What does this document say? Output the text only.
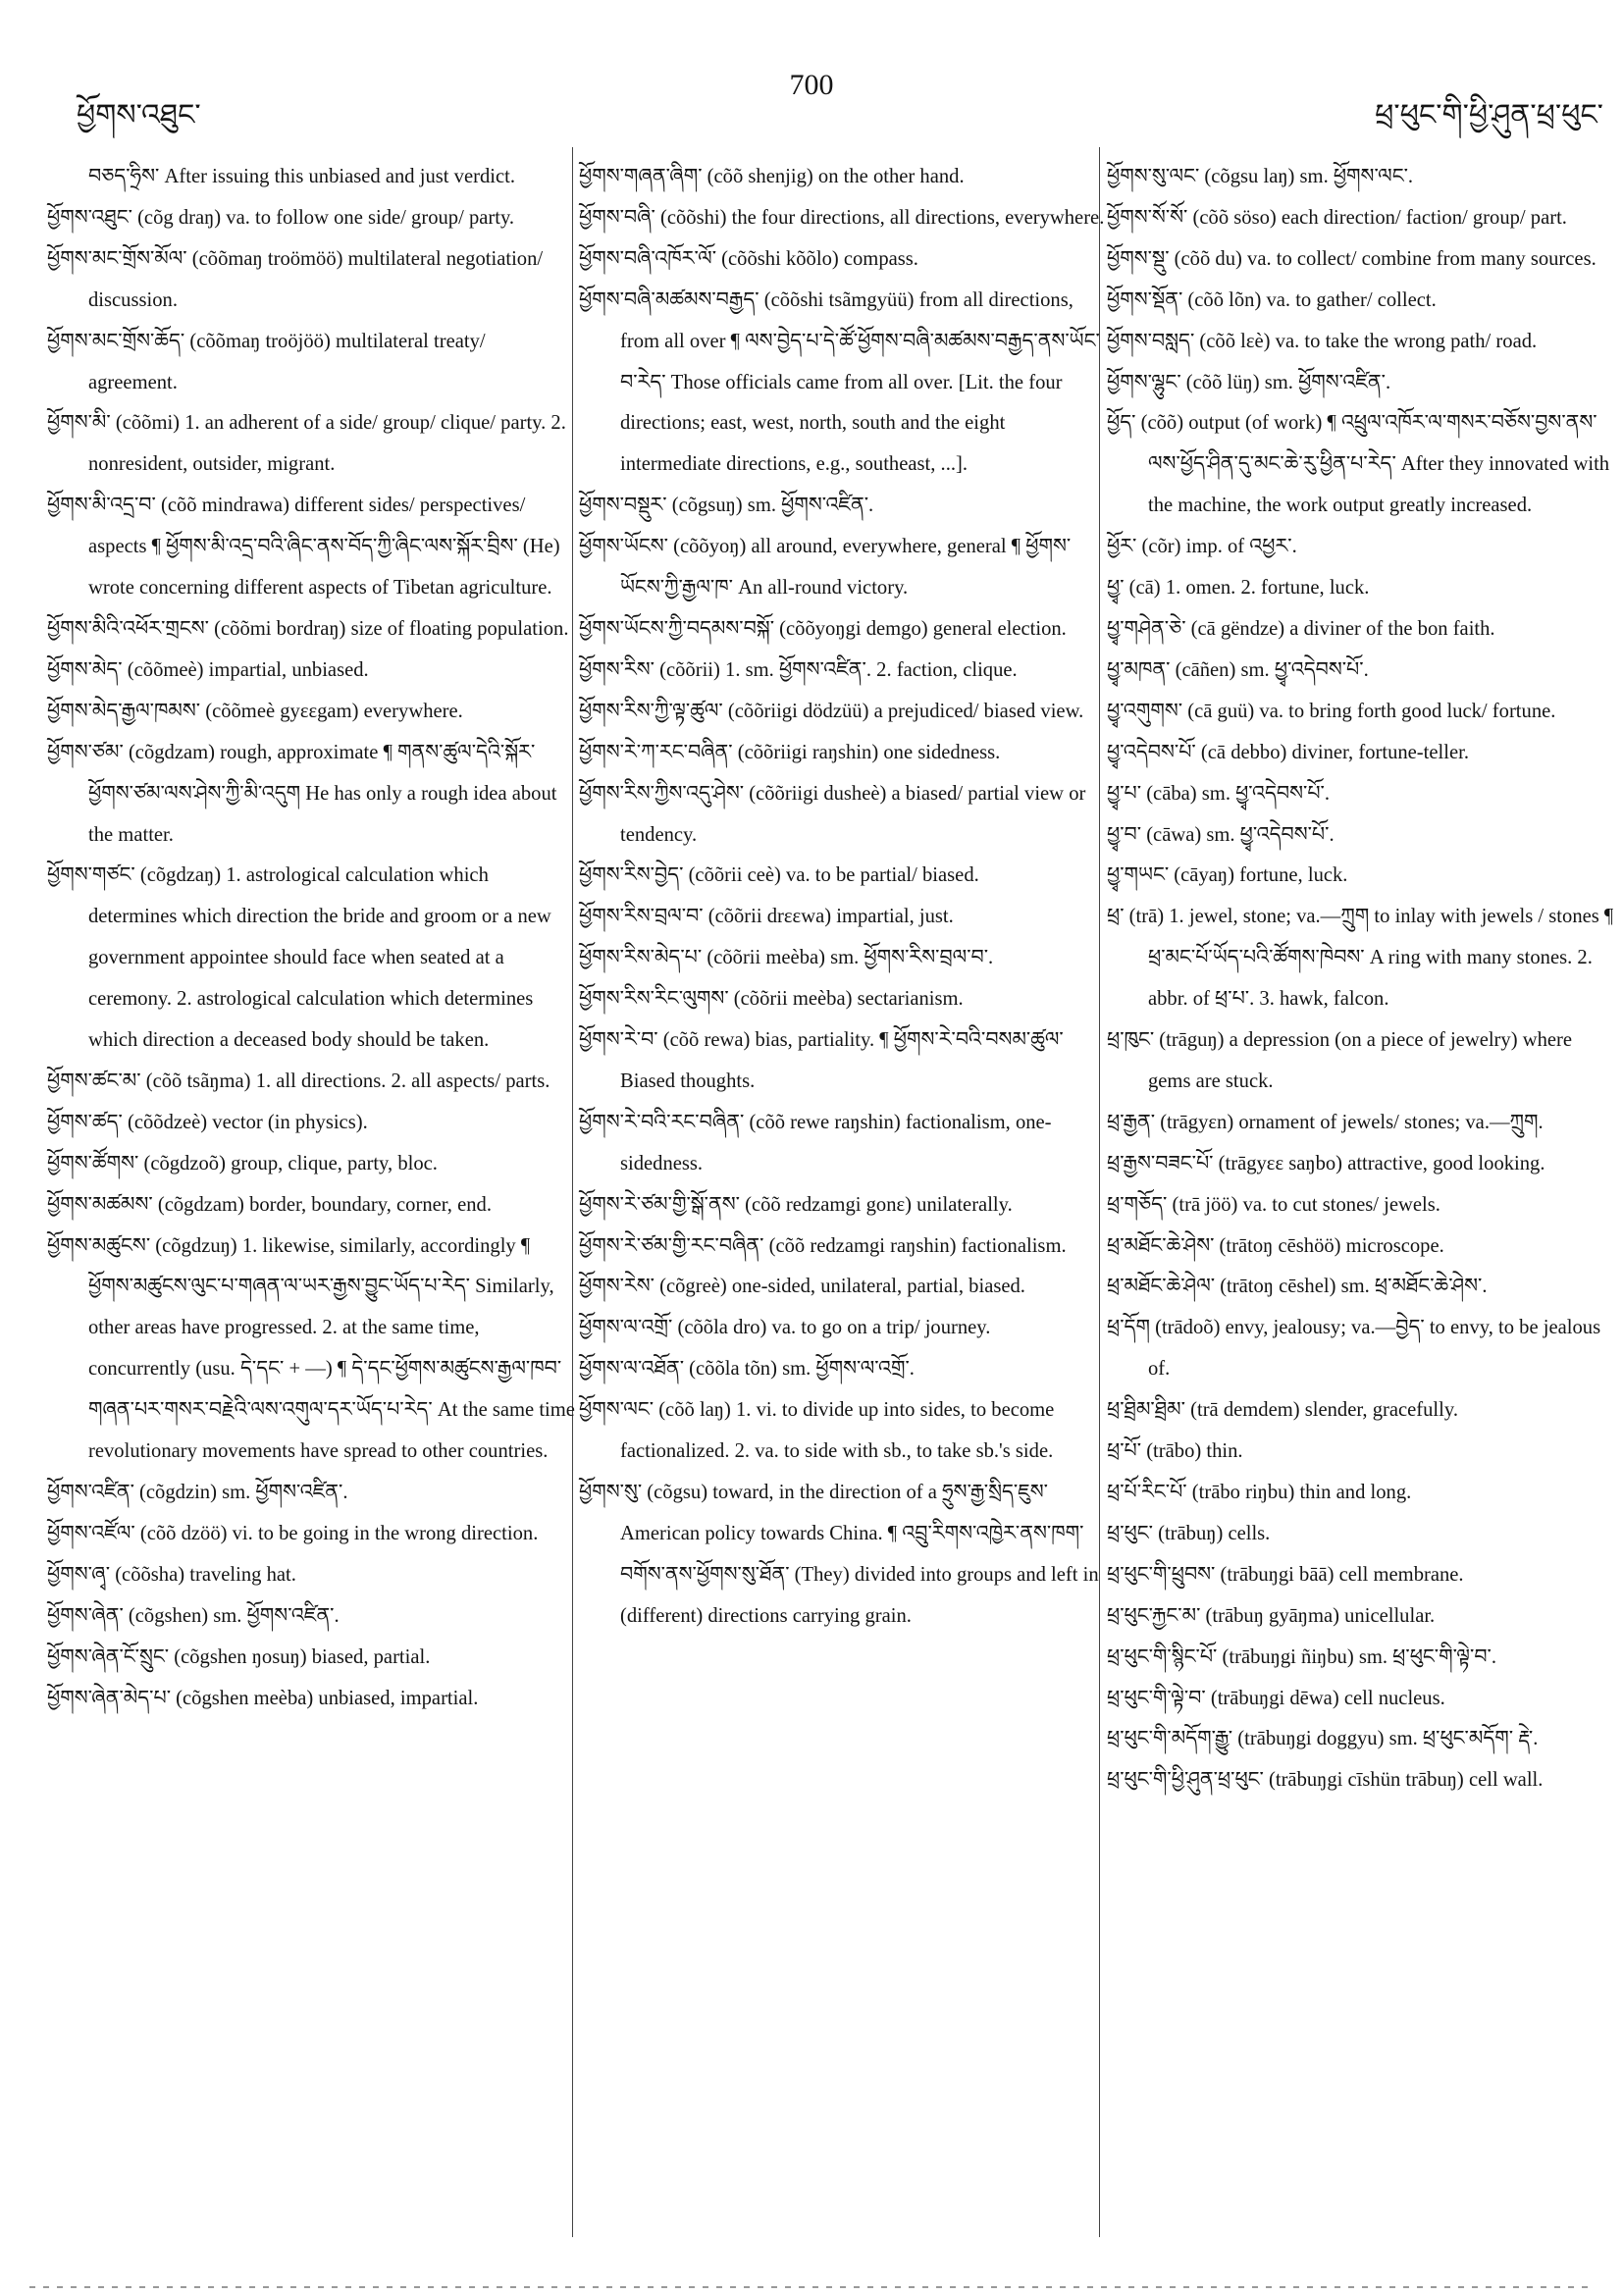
ཕྱོགས་འཐུང་
700
ཕྲ་ཕུང་གི་ཕྱི་ཤུན་ཕྲ་ཕུང་

བཅད་ཧྲིས་ After issuing this unbiased and just verdict.

ཕྱོགས་འཐུང་ (cõg draŋ) va. to follow one side/ group/ party.

ཕྱོགས་མང་གྲོས་མོལ་ (cõõmaŋ troömöö) multilateral negotiation/ discussion.

ཕྱོགས་མང་གྲོས་ཆོད་ (cõõmaŋ troöjöö) multilateral treaty/ agreement.

ཕྱོགས་མི་ (cõõmi) 1. an adherent of a side/ group/ clique/ party. 2. nonresident, outsider, migrant.

ཕྱོགས་མི་འདྲ་བ་ (cõõ mindrawa) different sides/ perspectives/ aspects ¶ ཕྱོགས་མི་འདྲ་བའི་ཞིང་ནས་བོད་ཀྱི་ཞིང་ལས་སྐོར་བྲིས་ (He) wrote concerning different aspects of Tibetan agriculture.

ཕྱོགས་མིའི་འཕོར་གྲངས་ (cõõmi bordraŋ) size of floating population.

ཕྱོགས་མེད་ (cõõmeè) impartial, unbiased.

ཕྱོགས་མེད་རྒྱལ་ཁམས་ (cõõmeè gyɛɛgam) everywhere.

ཕྱོགས་ཙམ་ (cõgdzam) rough, approximate ¶ གནས་ཚུལ་དེའི་སྐོར་ཕྱོགས་ཙམ་ལས་ཤེས་ཀྱི་མི་འདུག He has only a rough idea about the matter.

ཕྱོགས་གཙང་ (cõgdzaŋ) 1. astrological calculation which determines which direction the bride and groom or a new government appointee should face when seated at a ceremony. 2. astrological calculation which determines which direction a deceased body should be taken.

ཕྱོགས་ཚང་མ་ (cõõ tsãŋma) 1. all directions. 2. all aspects/ parts.

ཕྱོགས་ཚད་ (cõõdzeè) vector (in physics).

ཕྱོགས་ཚོགས་ (cõgdzoõ) group, clique, party, bloc.

ཕྱོགས་མཚམས་ (cõgdzam) border, boundary, corner, end.

ཕྱོགས་མཚུངས་ (cõgdzuŋ) 1. likewise, similarly, accordingly ¶ ཕྱོགས་མཚུངས་ལུང་པ་གཞན་ལ་ཡར་རྒྱས་བྱུང་ཡོད་པ་རེད་ Similarly, other areas have progressed. 2. at the same time, concurrently (usu. དེ་དང་ + —) ¶ དེ་དང་ཕྱོགས་མཚུངས་རྒྱལ་ཁབ་གཞན་པར་གསར་བརྗེའི་ལས་འགུལ་དར་ཡོད་པ་རེད་ At the same time revolutionary movements have spread to other countries.

ཕྱོགས་འཛིན་ (cõgdzin) sm. ཕྱོགས་འཛིན་.

ཕྱོགས་འཛོལ་ (cõõ dzöö) vi. to be going in the wrong direction.

ཕྱོགས་ཞྭ་ (cõõsha) traveling hat.

ཕྱོགས་ཞེན་ (cõgshen) sm. ཕྱོགས་འཛིན་.

ཕྱོགས་ཞེན་ངོ་སྲུང་ (cõgshen ŋosuŋ) biased, partial.

ཕྱོགས་ཞེན་མེད་པ་ (cõgshen meèba) unbiased, impartial.

ཕྱོགས་གཞན་ཞིག་ (cõõ shenjig) on the other hand.

ཕྱོགས་བཞི་ (cõõshi) the four directions, all directions, everywhere.

ཕྱོགས་བཞི་འཁོར་ལོ་ (cõõshi kõõlo) compass.

ཕྱོགས་བཞི་མཚམས་བརྒྱད་ (cõõshi tsãmgyüü) from all directions, from all over ¶ ལས་བྱེད་པ་དེ་ཚོ་ཕྱོགས་བཞི་མཚམས་བརྒྱད་ནས་ཡོང་བ་རེད་ Those officials came from all over. [Lit. the four directions; east, west, north, south and the eight intermediate directions, e.g., southeast, ...].

ཕྱོགས་བསྡུར་ (cõgsuŋ) sm. ཕྱོགས་འཛིན་.

ཕྱོགས་ཡོངས་ (cõõyoŋ) all around, everywhere, general ¶ ཕྱོགས་ཡོངས་ཀྱི་རྒྱལ་ཁ་ An all-round victory.

ཕྱོགས་ཡོངས་ཀྱི་བདམས་བསྐོ་ (cõõyoŋgi demgo) general election.

ཕྱོགས་རིས་ (cõõrii) 1. sm. ཕྱོགས་འཛིན་. 2. faction, clique.

ཕྱོགས་རིས་ཀྱི་ལྟ་ཚུལ་ (cõõriigi dödzüü) a prejudiced/ biased view.

ཕྱོགས་རེ་ཀ་རང་བཞིན་ (cõõriigi raŋshin) one sidedness.

ཕྱོགས་རིས་ཀྱིས་འདུ་ཤེས་ (cõõriigi dusheè) a biased/ partial view or tendency.

ཕྱོགས་རིས་བྱེད་ (cõõrii ceè) va. to be partial/ biased.

ཕྱོགས་རིས་བྲལ་བ་ (cõõrii drɛɛwa) impartial, just.

ཕྱོགས་རིས་མེད་པ་ (cõõrii meèba) sm. ཕྱོགས་རིས་བྲལ་བ་.

ཕྱོགས་རིས་རིང་ལུགས་ (cõõrii meèba) sectarianism.

ཕྱོགས་རེ་བ་ (cõõ rewa) bias, partiality. ¶ ཕྱོགས་རེ་བའི་བསམ་ཚུལ་ Biased thoughts.

ཕྱོགས་རེ་བའི་རང་བཞིན་ (cõõ rewe raŋshin) factionalism, one-sidedness.

ཕྱོགས་རེ་ཙམ་གྱི་སྒོ་ནས་ (cõõ redzamgi gonɛ) unilaterally.

ཕྱོགས་རེ་ཙམ་གྱི་རང་བཞིན་ (cõõ redzamgi raŋshin) factionalism.

ཕྱོགས་རེས་ (cõgreè) one-sided, unilateral, partial, biased.

ཕྱོགས་ལ་འགྲོ་ (cõõla dro) va. to go on a trip/ journey.

ཕྱོགས་ལ་འཐོན་ (cõõla tõn) sm. ཕྱོགས་ལ་འགྲོ་.

ཕྱོགས་ལང་ (cõõ laŋ) 1. vi. to divide up into sides, to become factionalized. 2. va. to side with sb., to take sb.'s side.

ཕྱོགས་སུ་ (cõgsu) toward, in the direction of a ཧྲུས་རྒྱ་སྲིད་ཇུས་ American policy towards China. ¶ འབྲུ་རིགས་འཁྱེར་ནས་ཁག་བགོས་ནས་ཕྱོགས་སུ་ཐོན་ (They) divided into groups and left in (different) directions carrying grain.

ཕྱོགས་སུ་ལང་ (cõgsu laŋ) sm. ཕྱོགས་ལང་.

ཕྱོགས་སོ་སོ་ (cõõ söso) each direction/ faction/ group/ part.

ཕྱོགས་སྡུ་ (cõõ du) va. to collect/ combine from many sources.

ཕྱོགས་སྡོན་ (cõõ lõn) va. to gather/ collect.

ཕྱོགས་བསླད་ (cõõ lɛè) va. to take the wrong path/ road.

ཕྱོགས་ལྷུང་ (cõõ lüŋ) sm. ཕྱོགས་འཛིན་.

ཕྱོད་ (cõõ) output (of work) ¶ འཕྲུལ་འཁོར་ལ་གསར་བཅོས་བྱས་ནས་ལས་ཕྱོད་ཤིན་དུ་མང་ཆེ་རུ་ཕྱིན་པ་རེད་ After they innovated with the machine, the work output greatly increased.

ཕྱོར་ (cõr) imp. of འཕྱར་.

ཕྱྭ་ (cā) 1. omen. 2. fortune, luck.

ཕྱྭ་གཤེན་ཅེ་ (cā gëndze) a diviner of the bon faith.

ཕྱྭ་མཁན་ (cāñen) sm. ཕྱྭ་འདེབས་པོ་.

ཕྱྭ་འགུགས་ (cā guü) va. to bring forth good luck/ fortune.

ཕྱྭ་འདེབས་པོ་ (cā debbo) diviner, fortune-teller.

ཕྱྭ་པ་ (cāba) sm. ཕྱྭ་འདེབས་པོ་.

ཕྱྭ་བ་ (cāwa) sm. ཕྱྭ་འདེབས་པོ་.

ཕྱྭ་གཡང་ (cāyaŋ) fortune, luck.

ཕྲ་ (trā) 1. jewel, stone; va.—ཀྲུག to inlay with jewels / stones ¶ ཕྲ་མང་པོ་ཡོད་པའི་ཚོགས་ཁེབས་ A ring with many stones. 2. abbr. of ཕྲ་པ་. 3. hawk, falcon.

ཕྲ་ཁུང་ (trāguŋ) a depression (on a piece of jewelry) where gems are stuck.

ཕྲ་རྒྱན་ (trāgyɛn) ornament of jewels/ stones; va.—ཀྲུག.

ཕྲ་རྒྱས་བཟང་པོ་ (trāgyɛɛ saŋbo) attractive, good looking.

ཕྲ་གཅོད་ (trā jöö) va. to cut stones/ jewels.

ཕྲ་མཐོང་ཆེ་ཤེས་ (trātoŋ cēshöö) microscope.

ཕྲ་མཐོང་ཆེ་ཤེལ་ (trātoŋ cēshel) sm. ཕྲ་མཐོང་ཆེ་ཤེས་.

ཕྲ་དོག (trādoõ) envy, jealousy; va.—བྱེད་ to envy, to be jealous of.

ཕྲ་ཐྲིམ་ཐྲིམ་ (trā demdem) slender, gracefully.

ཕྲ་པོ་ (trābo) thin.

ཕྲ་པོ་རིང་པོ་ (trābo riŋbu) thin and long.

ཕྲ་ཕུང་ (trābuŋ) cells.

ཕྲ་ཕུང་གི་ཕྲུབས་ (trābuŋgi bāā) cell membrane.

ཕྲ་ཕུང་རྐྱང་མ་ (trābuŋ gyāŋma) unicellular.

ཕྲ་ཕུང་གི་སྙིང་པོ་ (trābuŋgi ñiŋbu) sm. ཕྲ་ཕུང་གི་ལྟེ་བ་.

ཕྲ་ཕུང་གི་ལྟེ་བ་ (trābuŋgi dēwa) cell nucleus.

ཕྲ་ཕུང་གི་མདོག་རྒྱུ་ (trābuŋgi doggyu) sm. ཕྲ་ཕུང་མདོག་ རྡེ་.

ཕྲ་ཕུང་གི་ཕྱི་ཤུན་ཕྲ་ཕུང་ (trābuŋgi cīshün trābuŋ) cell wall.
